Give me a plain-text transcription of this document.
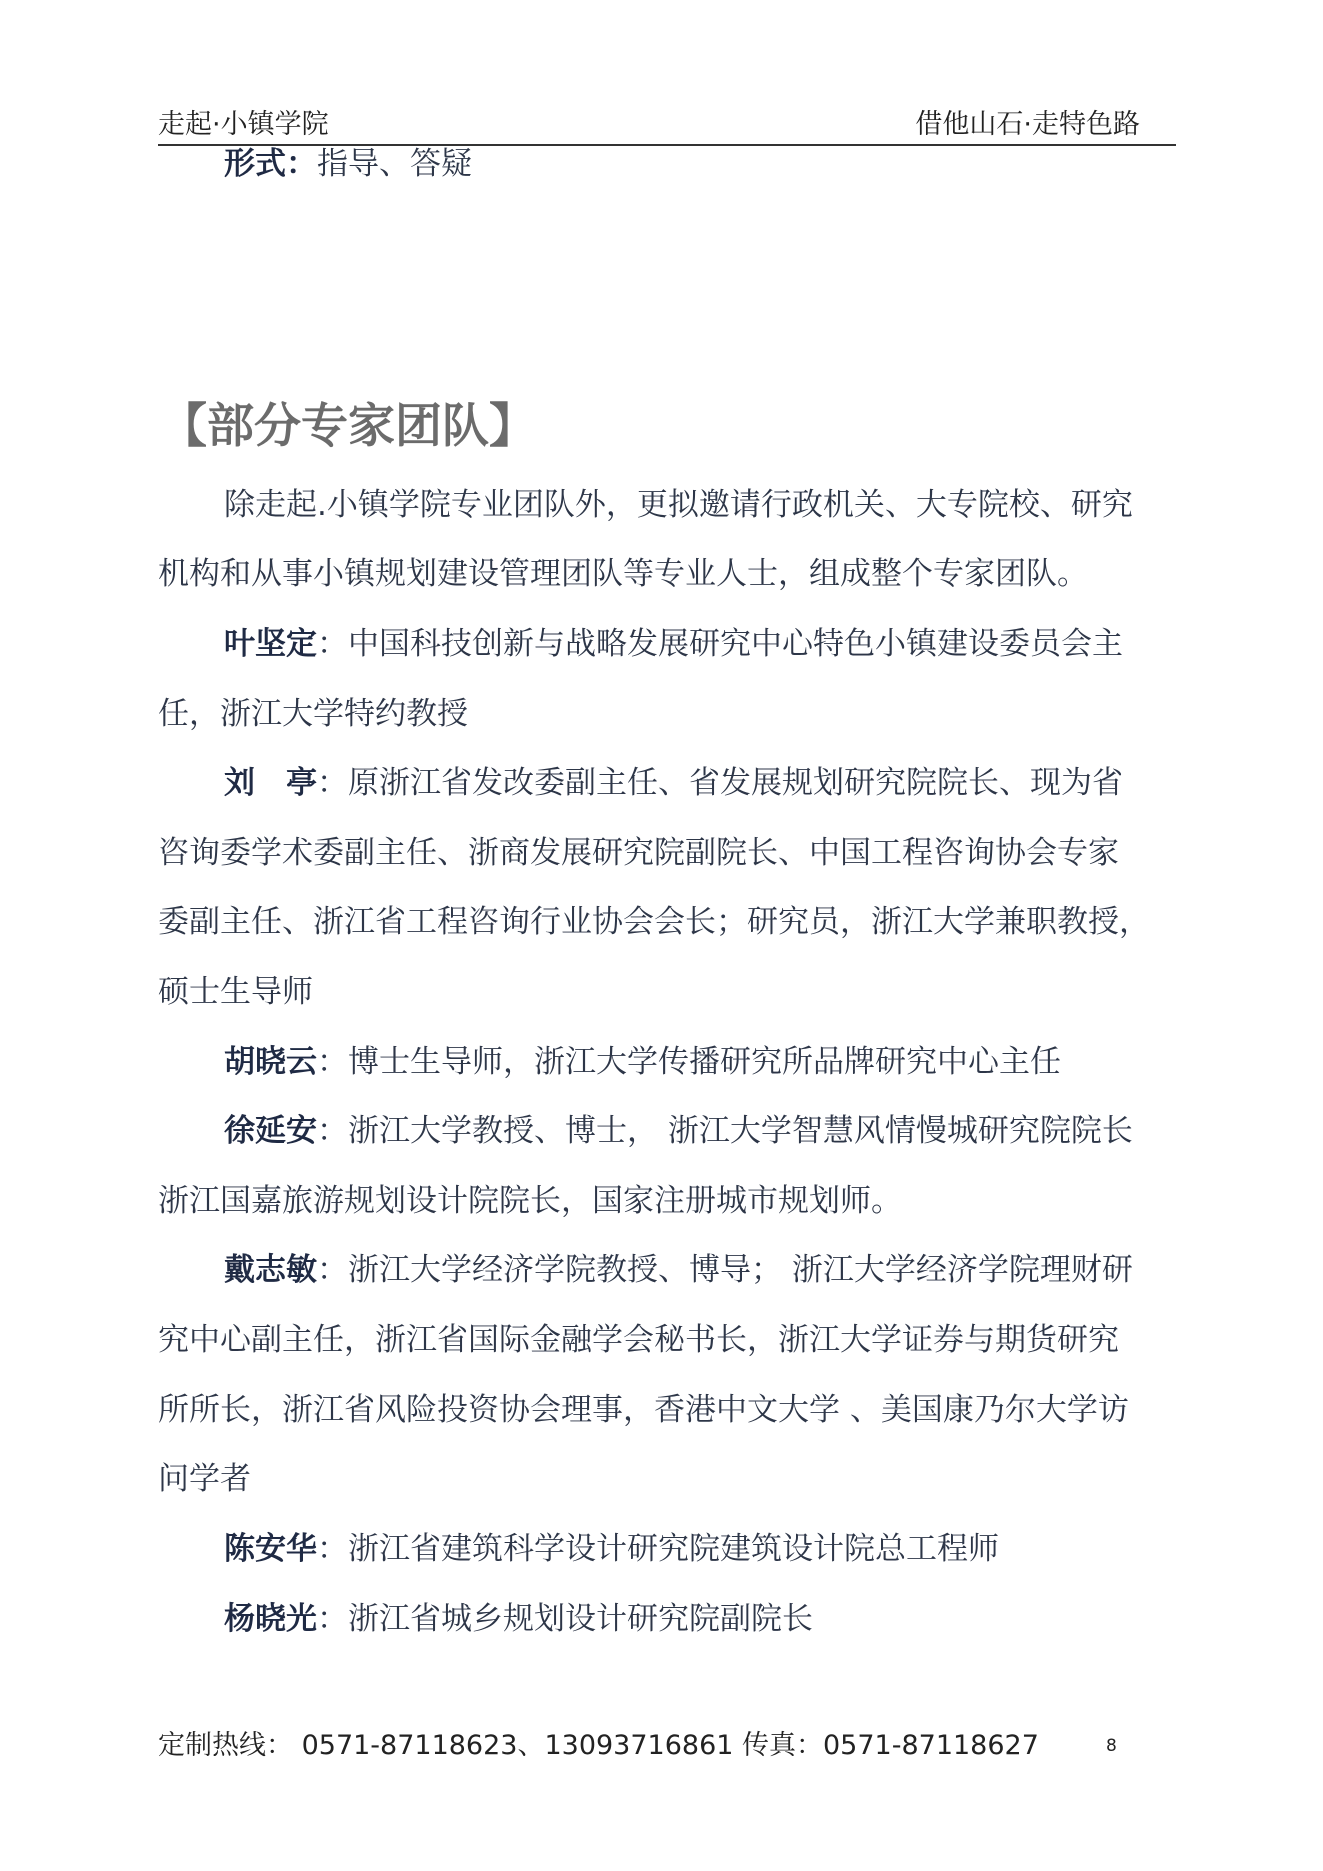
走起·小镇学院	借他山石·走特色路
形式：指导、答疑
【部分专家团队】
除走起.小镇学院专业团队外，更拟邀请行政机关、大专院校、研究
机构和从事小镇规划建设管理团队等专业人士，组成整个专家团队。
叶坚定：中国科技创新与战略发展研究中心特色小镇建设委员会主
任，浙江大学特约教授
刘　亭：原浙江省发改委副主任、省发展规划研究院院长、现为省
咨询委学术委副主任、浙商发展研究院副院长、中国工程咨询协会专家
委副主任、浙江省工程咨询行业协会会长；研究员，浙江大学兼职教授，
硕士生导师
胡晓云：博士生导师，浙江大学传播研究所品牌研究中心主任
徐延安：浙江大学教授、博士， 浙江大学智慧风情慢城研究院院长
浙江国嘉旅游规划设计院院长，国家注册城市规划师。
戴志敏：浙江大学经济学院教授、博导； 浙江大学经济学院理财研
究中心副主任，浙江省国际金融学会秘书长，浙江大学证券与期货研究
所所长，浙江省风险投资协会理事，香港中文大学 、美国康乃尔大学访
问学者
陈安华：浙江省建筑科学设计研究院建筑设计院总工程师
杨晓光：浙江省城乡规划设计研究院副院长
定制热线： 0571-87118623、13093716861 传真：0571-87118627	8
